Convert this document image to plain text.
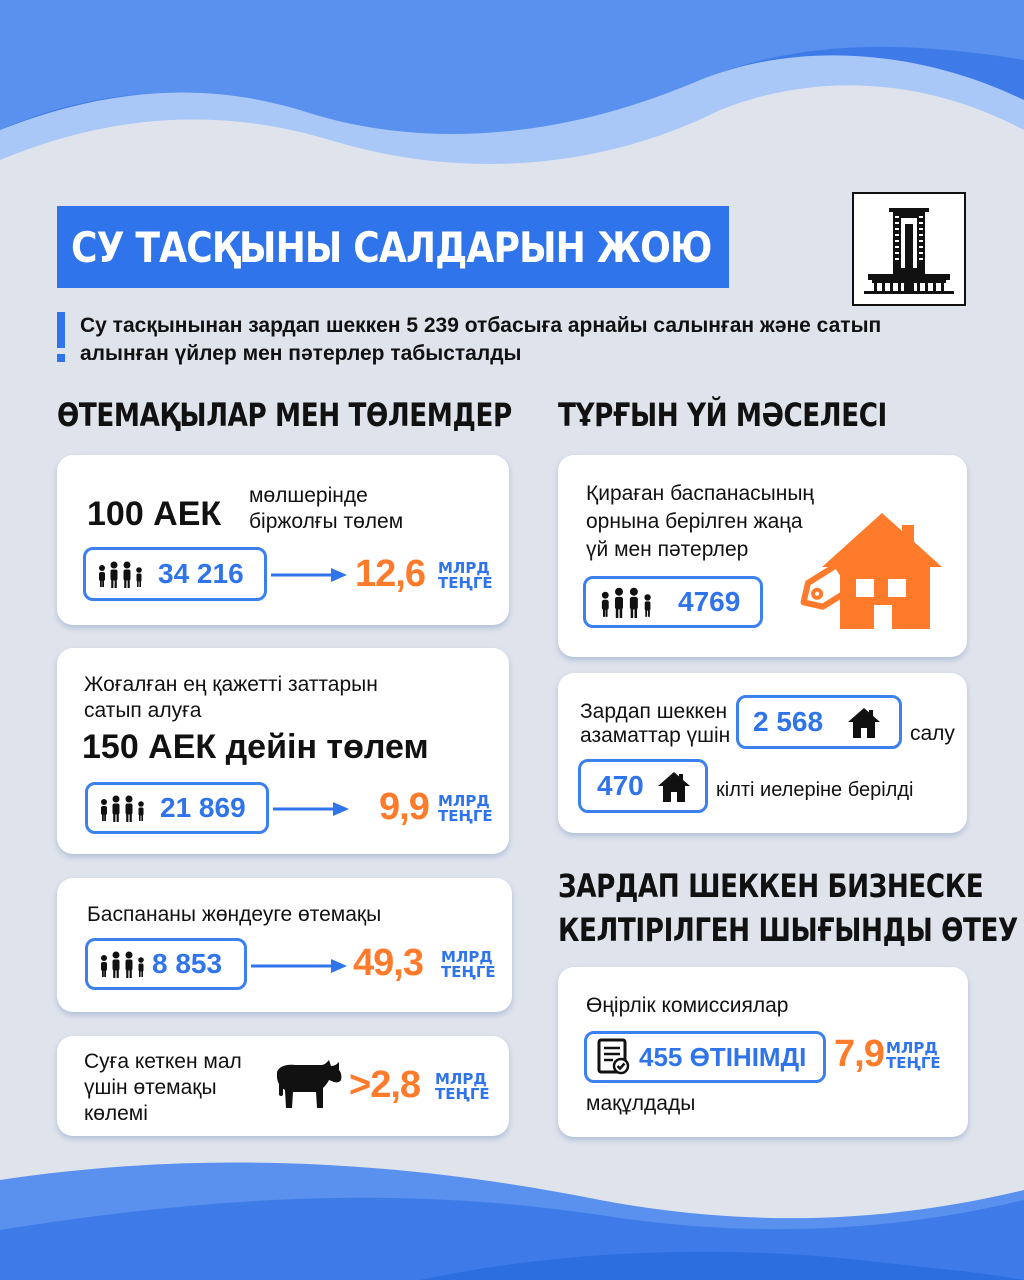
СУ ТАСҚЫНЫ САЛДАРЫН ЖОЮ
Су тасқынынан зардап шеккен 5 239 отбасыға арнайы салынған және сатып
алынған үйлер мен пәтерлер табысталды
ӨТЕМАҚЫЛАР МЕН ТӨЛЕМДЕР	ТҰРҒЫН ҮЙ МӘСЕЛЕСІ
100 АЕК мөлшерінде
біржолғы төлем
34 216	12,6 МЛРД
ТЕҢГЕ
Жоғалған ең қажетті заттарын
сатып алуға
150 АЕК дейін төлем
21 869	9,9 МЛРД
ТЕҢГЕ
Баспананы жөндеуге өтемақы
8 853	49,3 МЛРД
ТЕҢГЕ
Суға кеткен мал
үшін өтемақы
көлемі
>2,8 МЛРД
ТЕҢГЕ
Қираған баспанасының
орнына берілген жаңа
үй мен пәтерлер
4769
Зардап шеккен
азаматтар үшін 2 568	салу
470	кілті иелеріне берілді
ЗАРДАП ШЕККЕН БИЗНЕСКЕ
КЕЛТІРІЛГЕН ШЫҒЫНДЫ ӨТЕУ
Өңірлік комиссиялар
455 ӨТІНІМДІ 7,9 МЛРД
ТЕҢГЕ
мақұлдады
